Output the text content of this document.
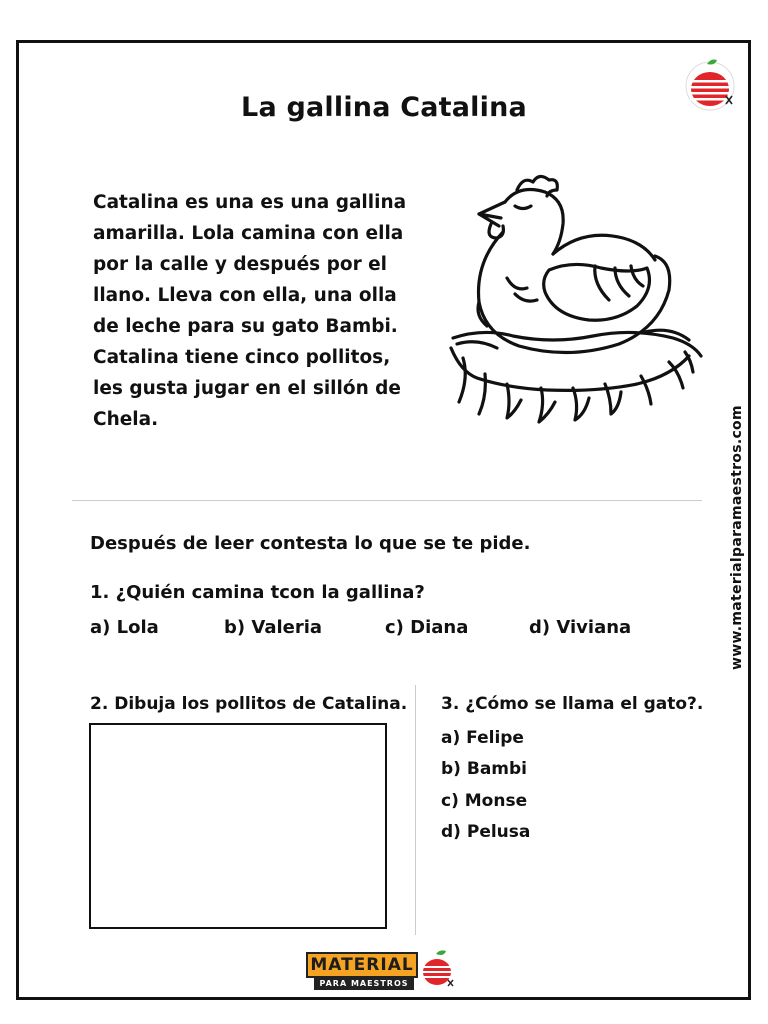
La gallina Catalina
Catalina es una es una gallina
amarilla. Lola camina con ella
por la calle y después por el
llano. Lleva con ella, una olla
de leche para su gato Bambi.
Catalina tiene cinco pollitos,
les gusta jugar en el sillón de
Chela.	www.materialparamaestros.com
Después de leer contesta lo que se te pide.
1. ¿Quién camina tcon la gallina?
a) Lola	b) Valeria	c) Diana	d) Viviana
2. Dibuja los pollitos de Catalina. 3. ¿Cómo se llama el gato?.
a) Felipe
b) Bambi
c) Monse
d) Pelusa
MATERIAL
PARA MAESTROS
